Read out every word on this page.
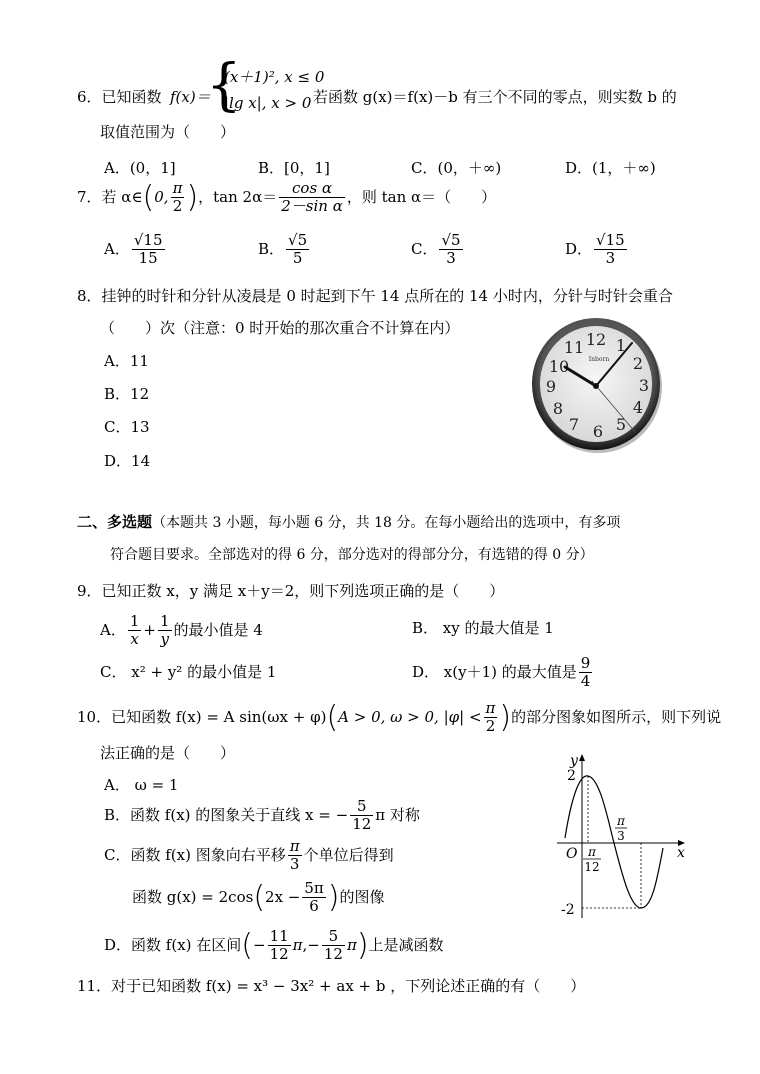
6．已知函数 f(x)＝
{
(x＋1)², x ≤ 0
|lg x|, x > 0 若函数 g(x)＝f(x)－b 有三个不同的零点，则实数 b 的
取值范围为（　　）
A．(0，1]	B．[0，1]	C．(0，＋∞)	D．(1，＋∞)
7．若 α∈(0, $\frac{\pi}{2}$ )，$\tan 2\alpha= \frac{\text{cos α}}{\text{2－sin α}}$ ，则 tan α＝（　　）
A． $\frac{√15}{15}$	B． $\frac{√5}{5}$	C． $\frac{√5}{3}$	D． $\frac{√15}{3}$
8．挂钟的时针和分针从凌晨是 0 时起到下午 14 点所在的 14 小时内，分针与时针会重合
（　　）次（注意：0 时开始的那次重合不计算在内）
A．11
B．12
C．13
D．14
12 1
2
3
4
5
6
7
8
9
10
11
Inborn
二、多选题（本题共 3 小题，每小题 6 分，共 18 分。在每小题给出的选项中，有多项
符合题目要求。全部选对的得 6 分，部分选对的得部分分，有选错的得 0 分）
9．已知正数 x，y 满足 x＋y＝2，则下列选项正确的是（　　）
A． $\frac{1}{x} + \frac{1}{y}$ 的最小值是 4	B． xy 的最大值是 1
C． x² + y² 的最小值是 1	D． x(y＋1) 的最大值是 $\frac{9}{4}$
10．已知函数 f(x) = A sin(ωx + φ)(A > 0, ω > 0, $|\varphi| < \frac{\pi}{2}$ )的部分图象如图所示，则下列说
法正确的是（　　）
A． ω = 1
B．函数 f(x) 的图象关于直线 x = − $\frac{5}{12}$ π 对称
C．函数 f(x) 图象向右平移 $\frac{\pi}{3}$ 个单位后得到
函数 $g(x) = 2\cos(2x - \frac{5\pi}{6}$ )的图像
D．函数 f(x) 在区间(− $\frac{11}{12} \pi,- \frac{5}{12} \pi$)上是减函数
y
x
O
2
-2
π
12
π
3
11．对于已知函数 f(x) = x³ − 3x² + ax + b ，下列论述正确的有（　　）
